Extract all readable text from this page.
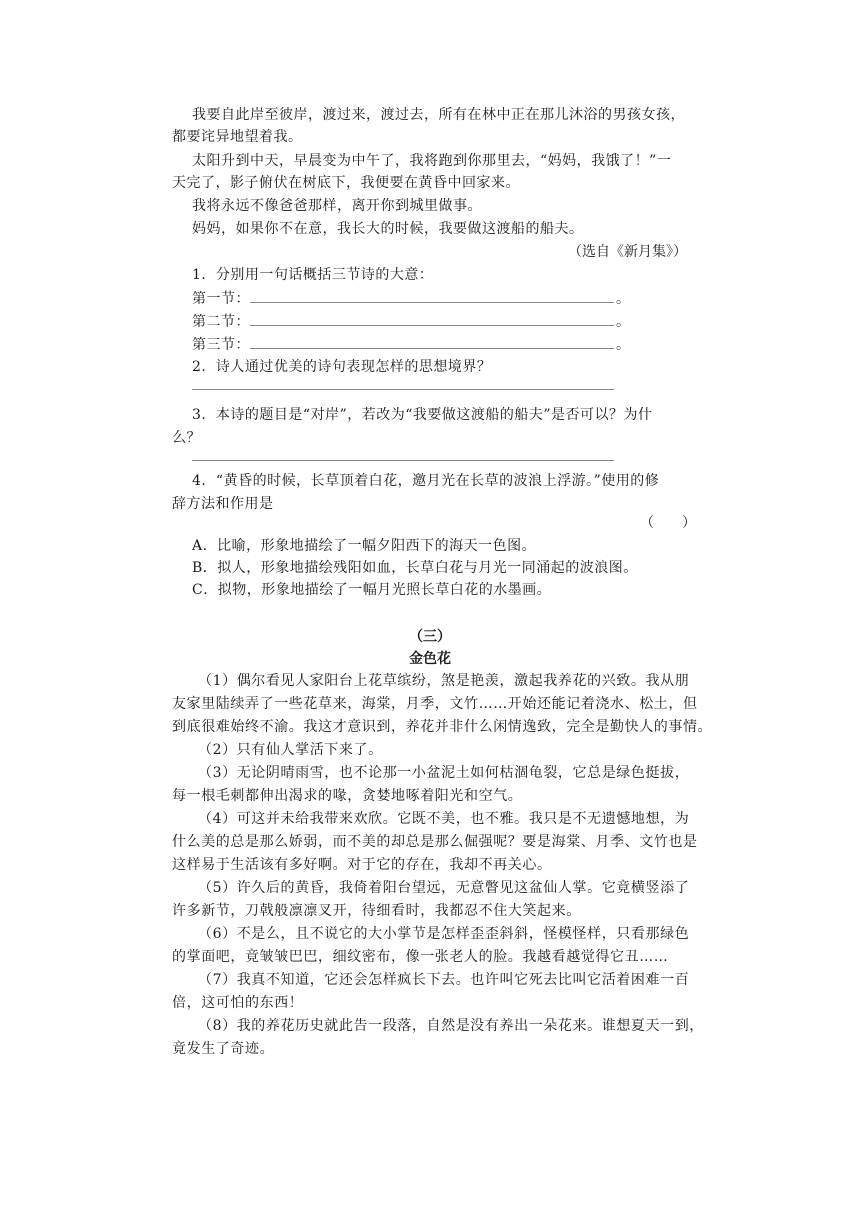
我要自此岸至彼岸，渡过来，渡过去，所有在林中正在那儿沐浴的男孩女孩，
都要诧异地望着我。
太阳升到中天，早晨变为中午了，我将跑到你那里去，“妈妈，我饿了！”一
天完了，影子俯伏在树底下，我便要在黄昏中回家来。
我将永远不像爸爸那样，离开你到城里做事。
妈妈，如果你不在意，我长大的时候，我要做这渡船的船夫。
（选自《新月集》）
1．分别用一句话概括三节诗的大意：
第一节：	。
第二节：	。
第三节：	。
2．诗人通过优美的诗句表现怎样的思想境界？
3．本诗的题目是“对岸”，若改为“我要做这渡船的船夫”是否可以？为什
么？
4．“黄昏的时候，长草顶着白花，邀月光在长草的波浪上浮游。”使用的修
辞方法和作用是
（　　）
A．比喻，形象地描绘了一幅夕阳西下的海天一色图。
B．拟人，形象地描绘残阳如血，长草白花与月光一同涌起的波浪图。
C．拟物，形象地描绘了一幅月光照长草白花的水墨画。
（三）
金色花
（1）偶尔看见人家阳台上花草缤纷，煞是艳羡，激起我养花的兴致。我从朋
友家里陆续弄了一些花草来，海棠，月季，文竹……开始还能记着浇水、松土，但
到底很难始终不渝。我这才意识到，养花并非什么闲情逸致，完全是勤快人的事情。
（2）只有仙人掌活下来了。
（3）无论阴晴雨雪，也不论那一小盆泥土如何枯涸龟裂，它总是绿色挺拔，
每一根毛刺都伸出渴求的喙，贪婪地啄着阳光和空气。
（4）可这并未给我带来欢欣。它既不美，也不雅。我只是不无遗憾地想，为
什么美的总是那么娇弱，而不美的却总是那么倔强呢？要是海棠、月季、文竹也是
这样易于生活该有多好啊。对于它的存在，我却不再关心。
（5）许久后的黄昏，我倚着阳台望远，无意瞥见这盆仙人掌。它竟横竖添了
许多新节，刀戟般凛凛叉开，待细看时，我都忍不住大笑起来。
（6）不是么，且不说它的大小掌节是怎样歪歪斜斜，怪模怪样，只看那绿色
的掌面吧，竟皱皱巴巴，细纹密布，像一张老人的脸。我越看越觉得它丑……
（7）我真不知道，它还会怎样疯长下去。也许叫它死去比叫它活着困难一百
倍，这可怕的东西！
（8）我的养花历史就此告一段落，自然是没有养出一朵花来。谁想夏天一到，
竟发生了奇迹。
